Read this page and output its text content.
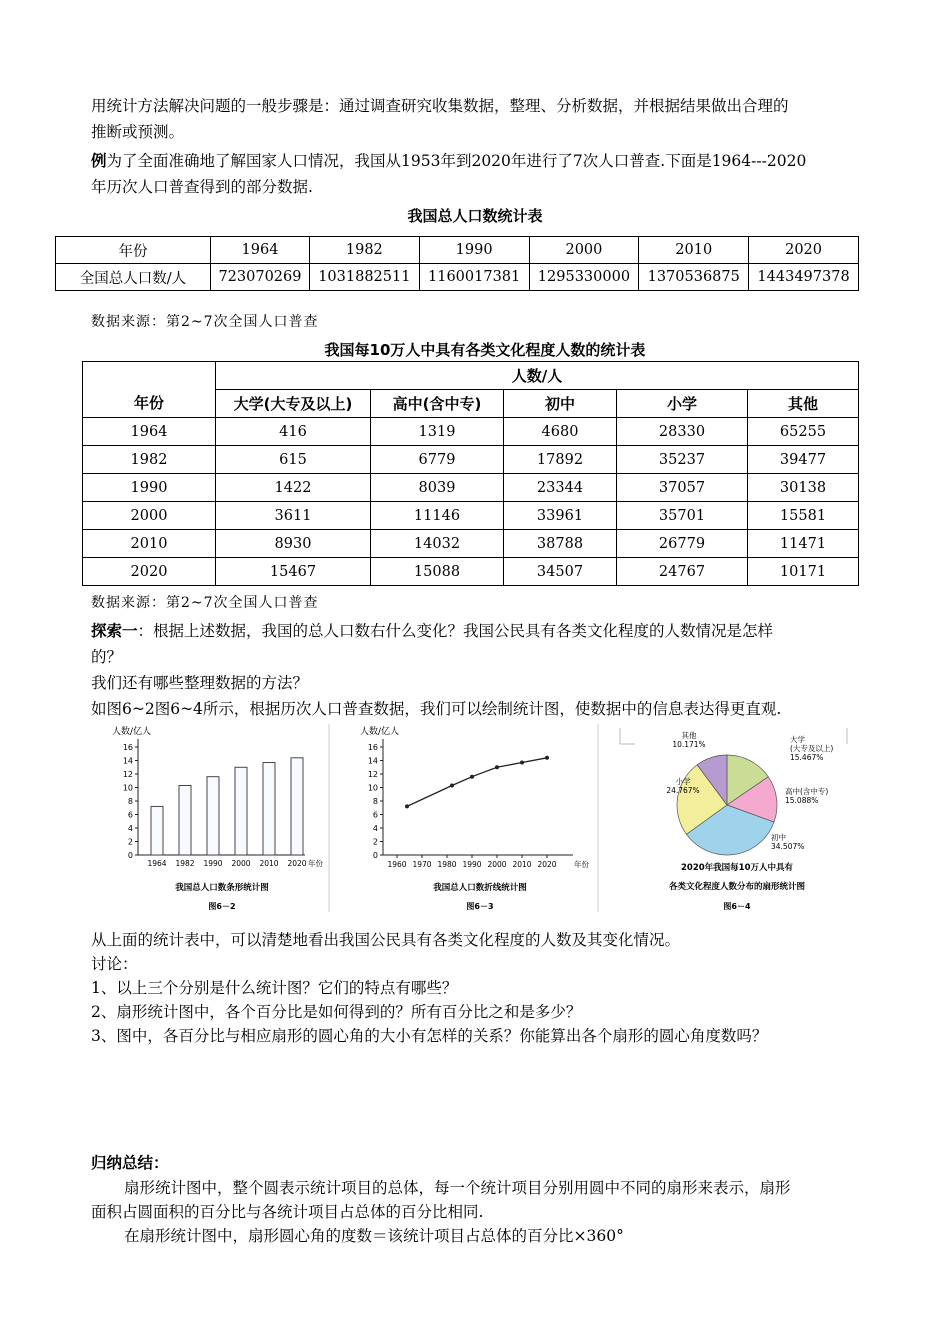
用统计方法解决问题的一般步骤是：通过调查研究收集数据，整理、分析数据，并根据结果做出合理的
推断或预测。
例为了全面准确地了解国家人口情况，我国从1953年到2020年进行了7次人口普查.下面是1964---2020
年历次人口普查得到的部分数据.
我国总人口数统计表
年份	1964	1982	1990	2000	2010	2020
全国总人口数/人	723070269	1031882511	1160017381	1295330000	1370536875	1443497378
数据来源：第2~7次全国人口普查
我国每10万人中具有各类文化程度人数的统计表
年份	人数/人				
	大学(大专及以上)	高中(含中专)	初中	小学	其他
1964	416	1319	4680	28330	65255
1982	615	6779	17892	35237	39477
1990	1422	8039	23344	37057	30138
2000	3611	11146	33961	35701	15581
2010	8930	14032	38788	26779	11471
2020	15467	15088	34507	24767	10171
数据来源：第2~7次全国人口普查
探索一：根据上述数据，我国的总人口数右什么变化？我国公民具有各类文化程度的人数情况是怎样
的？
我们还有哪些整理数据的方法？
如图6~2图6~4所示，根据历次人口普查数据，我们可以绘制统计图，使数据中的信息表达得更直观.
人数/亿人
0
2
4
6
8
10
12
14
16
1964 1982 1990 2000 2010 2020 年份
我国总人口数条形统计图
图6－2
人数/亿人
0
2
4
6
8
10
12
14
16
1960 1970 1980 1990 2000 2010 2020 年份
我国总人口数折线统计图
图6－3
大学
(大专及以上)
15.467%
高中(含中专)
15.088%
初中
34.507%
小学
24.767%
其他
10.171%
2020年我国每10万人中具有
各类文化程度人数分布的扇形统计图
图6－4
从上面的统计表中，可以清楚地看出我国公民具有各类文化程度的人数及其变化情况。
讨论：
1、以上三个分别是什么统计图？它们的特点有哪些？
2、扇形统计图中，各个百分比是如何得到的？所有百分比之和是多少？
3、图中，各百分比与相应扇形的圆心角的大小有怎样的关系？你能算出各个扇形的圆心角度数吗？
归纳总结：
扇形统计图中，整个圆表示统计项目的总体，每一个统计项目分别用圆中不同的扇形来表示，扇形
面积占圆面积的百分比与各统计项目占总体的百分比相同.
在扇形统计图中，扇形圆心角的度数＝该统计项目占总体的百分比×360°
